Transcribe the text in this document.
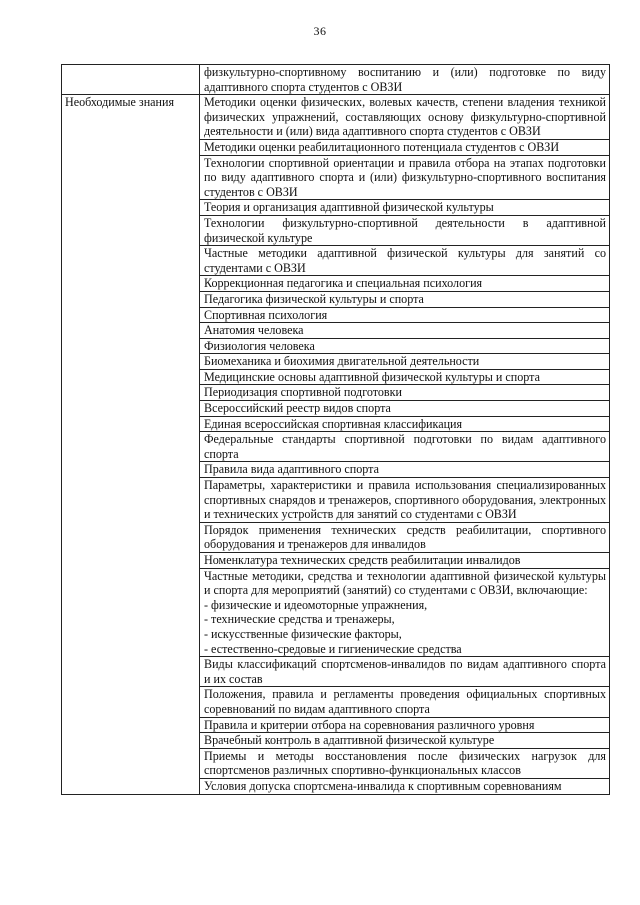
36

	физкультурно-спортивному воспитанию и (или) подготовке по виду адаптивного спорта студентов с ОВЗИ

Необходимые знания	Методики оценки физических, волевых качеств, степени владения техникой физических упражнений, составляющих основу физкультурно-спортивной деятельности и (или) вида адаптивного спорта студентов с ОВЗИ

	Методики оценки реабилитационного потенциала студентов с ОВЗИ

	Технологии спортивной ориентации и правила отбора на этапах подготовки по виду адаптивного спорта и (или) физкультурно-спортивного воспитания студентов с ОВЗИ

	Теория и организация адаптивной физической культуры

	Технологии физкультурно-спортивной деятельности в адаптивной физической культуре

	Частные методики адаптивной физической культуры для занятий со студентами с ОВЗИ

	Коррекционная педагогика и специальная психология

	Педагогика физической культуры и спорта

	Спортивная психология

	Анатомия человека

	Физиология человека

	Биомеханика и биохимия двигательной деятельности

	Медицинские основы адаптивной физической культуры и спорта

	Периодизация спортивной подготовки

	Всероссийский реестр видов спорта

	Единая всероссийская спортивная классификация

	Федеральные стандарты спортивной подготовки по видам адаптивного спорта

	Правила вида адаптивного спорта

	Параметры, характеристики и правила использования специализированных спортивных снарядов и тренажеров, спортивного оборудования, электронных и технических устройств для занятий со студентами с ОВЗИ

	Порядок применения технических средств реабилитации, спортивного оборудования и тренажеров для инвалидов

	Номенклатура технических средств реабилитации инвалидов

	Частные методики, средства и технологии адаптивной физической культуры и спорта для мероприятий (занятий) со студентами с ОВЗИ, включающие:
- физические и идеомоторные упражнения,
- технические средства и тренажеры,
- искусственные физические факторы,
- естественно-средовые и гигиенические средства

	Виды классификаций спортсменов-инвалидов по видам адаптивного спорта и их состав

	Положения, правила и регламенты проведения официальных спортивных соревнований по видам адаптивного спорта

	Правила и критерии отбора на соревнования различного уровня

	Врачебный контроль в адаптивной физической культуре

	Приемы и методы восстановления после физических нагрузок для спортсменов различных спортивно-функциональных классов

	Условия допуска спортсмена-инвалида к спортивным соревнованиям
